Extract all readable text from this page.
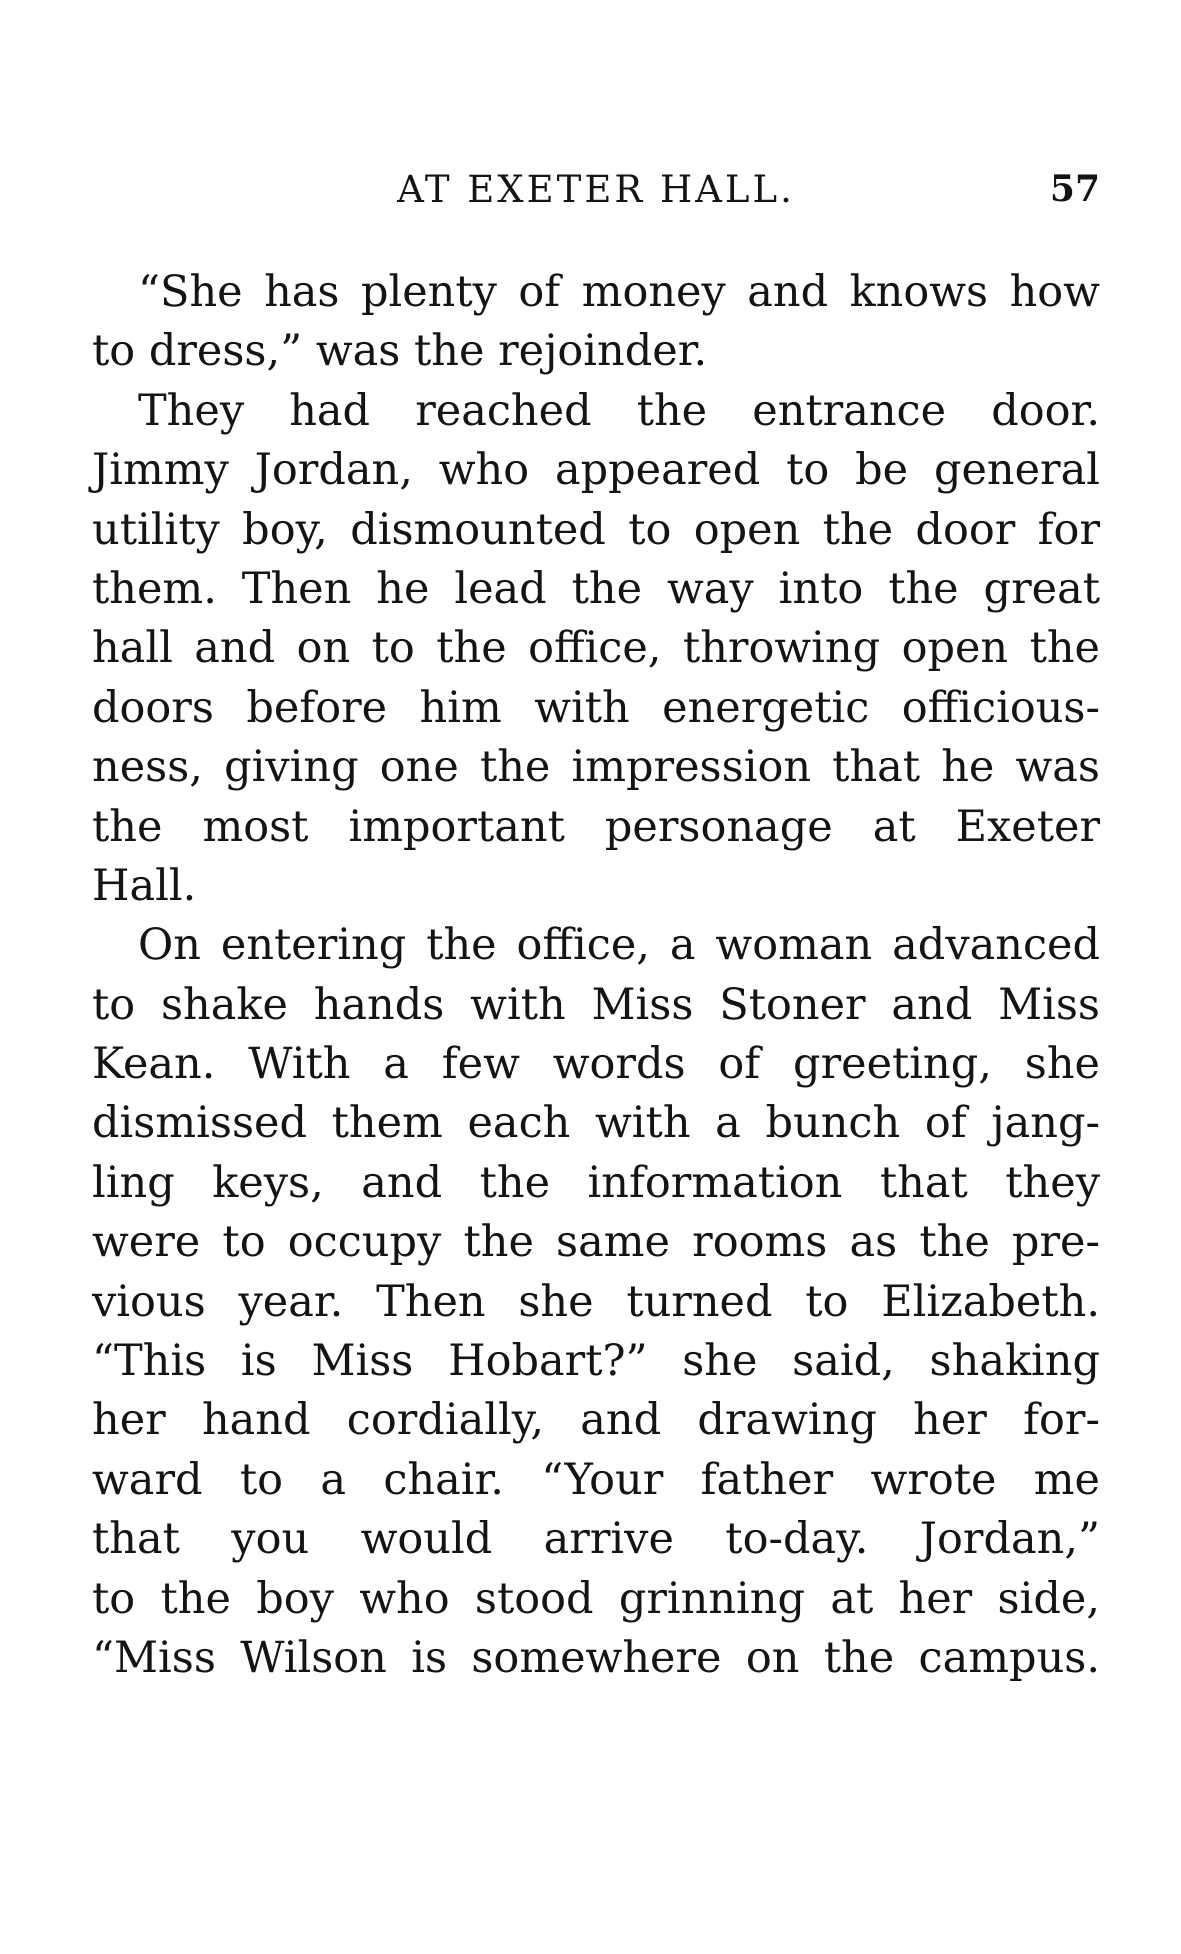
AT EXETER HALL.	57
“She has plenty of money and knows how
to dress,” was the rejoinder.
They had reached the entrance door.
Jimmy Jordan, who appeared to be general
utility boy, dismounted to open the door for
them. Then he lead the way into the great
hall and on to the office, throwing open the
doors before him with energetic officious-
ness, giving one the impression that he was
the most important personage at Exeter
Hall.
On entering the office, a woman advanced
to shake hands with Miss Stoner and Miss
Kean. With a few words of greeting, she
dismissed them each with a bunch of jang-
ling keys, and the information that they
were to occupy the same rooms as the pre-
vious year. Then she turned to Elizabeth.
“This is Miss Hobart?” she said, shaking
her hand cordially, and drawing her for-
ward to a chair. “Your father wrote me
that you would arrive to-day. Jordan,”
to the boy who stood grinning at her side,
“Miss Wilson is somewhere on the campus.
